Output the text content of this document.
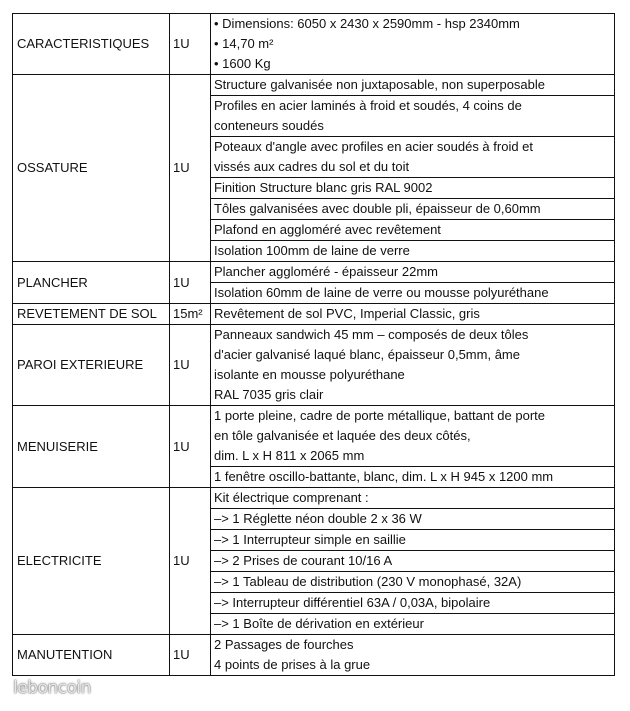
CARACTERISTIQUES	1U	• Dimensions: 6050 x 2430 x 2590mm - hsp 2340mm
• 14,70 m²
• 1600 Kg

OSSATURE	1U	Structure galvanisée non juxtaposable, non superposable

		Profiles en acier laminés à froid et soudés, 4 coins de
conteneurs soudés

		Poteaux d'angle avec profiles en acier soudés à froid et
vissés aux cadres du sol et du toit

		Finition Structure blanc gris RAL 9002

		Tôles galvanisées avec double pli, épaisseur de 0,60mm

		Plafond en aggloméré avec revêtement

		Isolation 100mm de laine de verre

PLANCHER	1U	Plancher aggloméré - épaisseur 22mm

		Isolation 60mm de laine de verre ou mousse polyuréthane

REVETEMENT DE SOL	15m²	Revêtement de sol PVC, Imperial Classic, gris

PAROI EXTERIEURE	1U	Panneaux sandwich 45 mm – composés de deux tôles
d'acier galvanisé laqué blanc, épaisseur 0,5mm, âme
isolante en mousse polyuréthane
RAL 7035 gris clair

MENUISERIE	1U	1 porte pleine, cadre de porte métallique, battant de porte
en tôle galvanisée et laquée des deux côtés,
dim. L x H 811 x 2065 mm

		1 fenêtre oscillo-battante, blanc, dim. L x H 945 x 1200 mm

ELECTRICITE	1U	Kit électrique comprenant :

		–> 1 Réglette néon double 2 x 36 W

		–> 1 Interrupteur simple en saillie

		–> 2 Prises de courant 10/16 A

		–> 1 Tableau de distribution (230 V monophasé, 32A)

		–> Interrupteur différentiel 63A / 0,03A, bipolaire

		–> 1 Boîte de dérivation en extérieur

MANUTENTION	1U	2 Passages de fourches
4 points de prises à la grue
leboncoin
